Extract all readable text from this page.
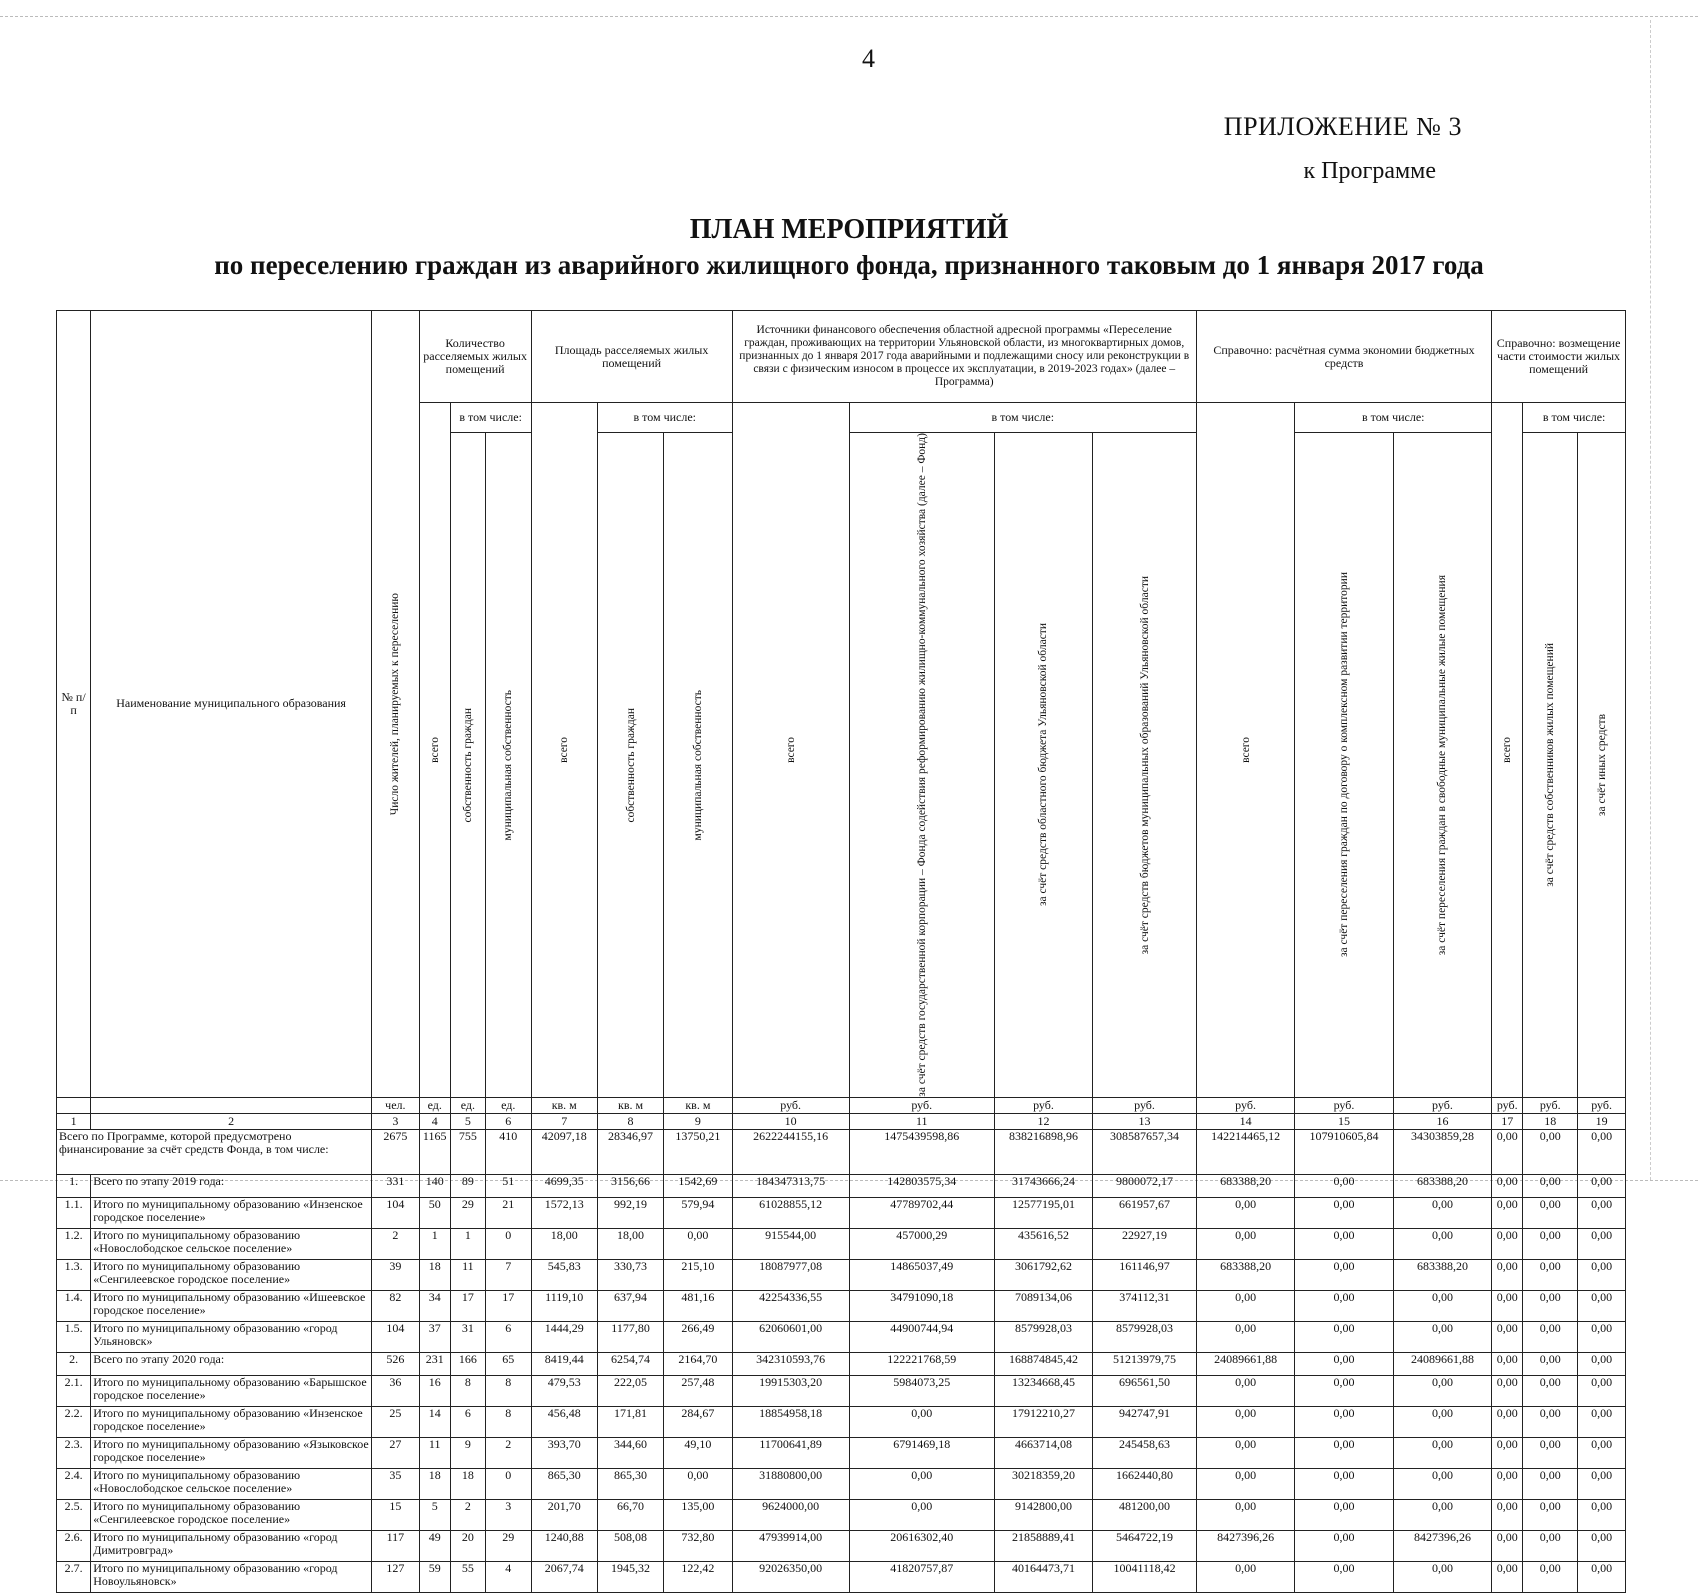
4
ПРИЛОЖЕНИЕ № 3
к Программе
ПЛАН МЕРОПРИЯТИЙ
по переселению граждан из аварийного жилищного фонда, признанного таковым до 1 января 2017 года
№ п/п	Наименование муниципального образования	Число жителей, планируемых к переселению	Количество расселяемых жилых помещений			Площадь расселяемых жилых помещений			Источники финансового обеспечения областной адресной программы «Переселение граждан, проживающих на территории Ульяновской области, из многоквартирных домов, признанных до 1 января 2017 года аварийными и подлежащими сносу или реконструкции в связи с физическим износом в процессе их эксплуатации, в 2019-2023 годах» (далее – Программа)				Справочно: расчётная сумма экономии бюджетных средств			Справочно: возмещение части стоимости жилых помещений		

			всего	в том числе:		всего	в том числе:		всего	в том числе:			всего	в том числе:		всего	в том числе:	

				собственность граждан	муниципальная собственность		собственность граждан	муниципальная собственность		за счёт средств государственной корпорации – Фонда содействия реформированию жилищно-коммунального хозяйства (далее – Фонд)	за счёт средств областного бюджета Ульяновской области	за счёт средств бюджетов муниципальных образований Ульяновской области		за счёт переселения граждан по договору о комплексном развитии территории	за счёт переселения граждан в свободные муниципальные жилые помещения		за счёт средств собственников жилых помещений	за счёт иных средств

		чел.	ед.	ед.	ед.	кв. м	кв. м	кв. м	руб.	руб.	руб.	руб.	руб.	руб.	руб.	руб.	руб.	руб.
1	2	3	4	5	6	7	8	9	10	11	12	13	14	15	16	17	18	19
Всего по Программе, которой предусмотрено финансирование за счёт средств Фонда, в том числе:		2675	1165	755	410	42097,18	28346,97	13750,21	2622244155,16	1475439598,86	838216898,96	308587657,34	142214465,12	107910605,84	34303859,28	0,00	0,00	0,00
1.	Всего по этапу 2019 года:	331	140	89	51	4699,35	3156,66	1542,69	184347313,75	142803575,34	31743666,24	9800072,17	683388,20	0,00	683388,20	0,00	0,00	0,00
1.1.	Итого по муниципальному образованию «Инзенское городское поселение»	104	50	29	21	1572,13	992,19	579,94	61028855,12	47789702,44	12577195,01	661957,67	0,00	0,00	0,00	0,00	0,00	0,00
1.2.	Итого по муниципальному образованию «Новослободское сельское поселение»	2	1	1	0	18,00	18,00	0,00	915544,00	457000,29	435616,52	22927,19	0,00	0,00	0,00	0,00	0,00	0,00
1.3.	Итого по муниципальному образованию «Сенгилеевское городское поселение»	39	18	11	7	545,83	330,73	215,10	18087977,08	14865037,49	3061792,62	161146,97	683388,20	0,00	683388,20	0,00	0,00	0,00
1.4.	Итого по муниципальному образованию «Ишеевское городское поселение»	82	34	17	17	1119,10	637,94	481,16	42254336,55	34791090,18	7089134,06	374112,31	0,00	0,00	0,00	0,00	0,00	0,00
1.5.	Итого по муниципальному образованию «город Ульяновск»	104	37	31	6	1444,29	1177,80	266,49	62060601,00	44900744,94	8579928,03	8579928,03	0,00	0,00	0,00	0,00	0,00	0,00
2.	Всего по этапу 2020 года:	526	231	166	65	8419,44	6254,74	2164,70	342310593,76	122221768,59	168874845,42	51213979,75	24089661,88	0,00	24089661,88	0,00	0,00	0,00
2.1.	Итого по муниципальному образованию «Барышское городское поселение»	36	16	8	8	479,53	222,05	257,48	19915303,20	5984073,25	13234668,45	696561,50	0,00	0,00	0,00	0,00	0,00	0,00
2.2.	Итого по муниципальному образованию «Инзенское городское поселение»	25	14	6	8	456,48	171,81	284,67	18854958,18	0,00	17912210,27	942747,91	0,00	0,00	0,00	0,00	0,00	0,00
2.3.	Итого по муниципальному образованию «Языковское городское поселение»	27	11	9	2	393,70	344,60	49,10	11700641,89	6791469,18	4663714,08	245458,63	0,00	0,00	0,00	0,00	0,00	0,00
2.4.	Итого по муниципальному образованию «Новослободское сельское поселение»	35	18	18	0	865,30	865,30	0,00	31880800,00	0,00	30218359,20	1662440,80	0,00	0,00	0,00	0,00	0,00	0,00
2.5.	Итого по муниципальному образованию «Сенгилеевское городское поселение»	15	5	2	3	201,70	66,70	135,00	9624000,00	0,00	9142800,00	481200,00	0,00	0,00	0,00	0,00	0,00	0,00
2.6.	Итого по муниципальному образованию «город Димитровград»	117	49	20	29	1240,88	508,08	732,80	47939914,00	20616302,40	21858889,41	5464722,19	8427396,26	0,00	8427396,26	0,00	0,00	0,00
2.7.	Итого по муниципальному образованию «город Новоульяновск»	127	59	55	4	2067,74	1945,32	122,42	92026350,00	41820757,87	40164473,71	10041118,42	0,00	0,00	0,00	0,00	0,00	0,00
